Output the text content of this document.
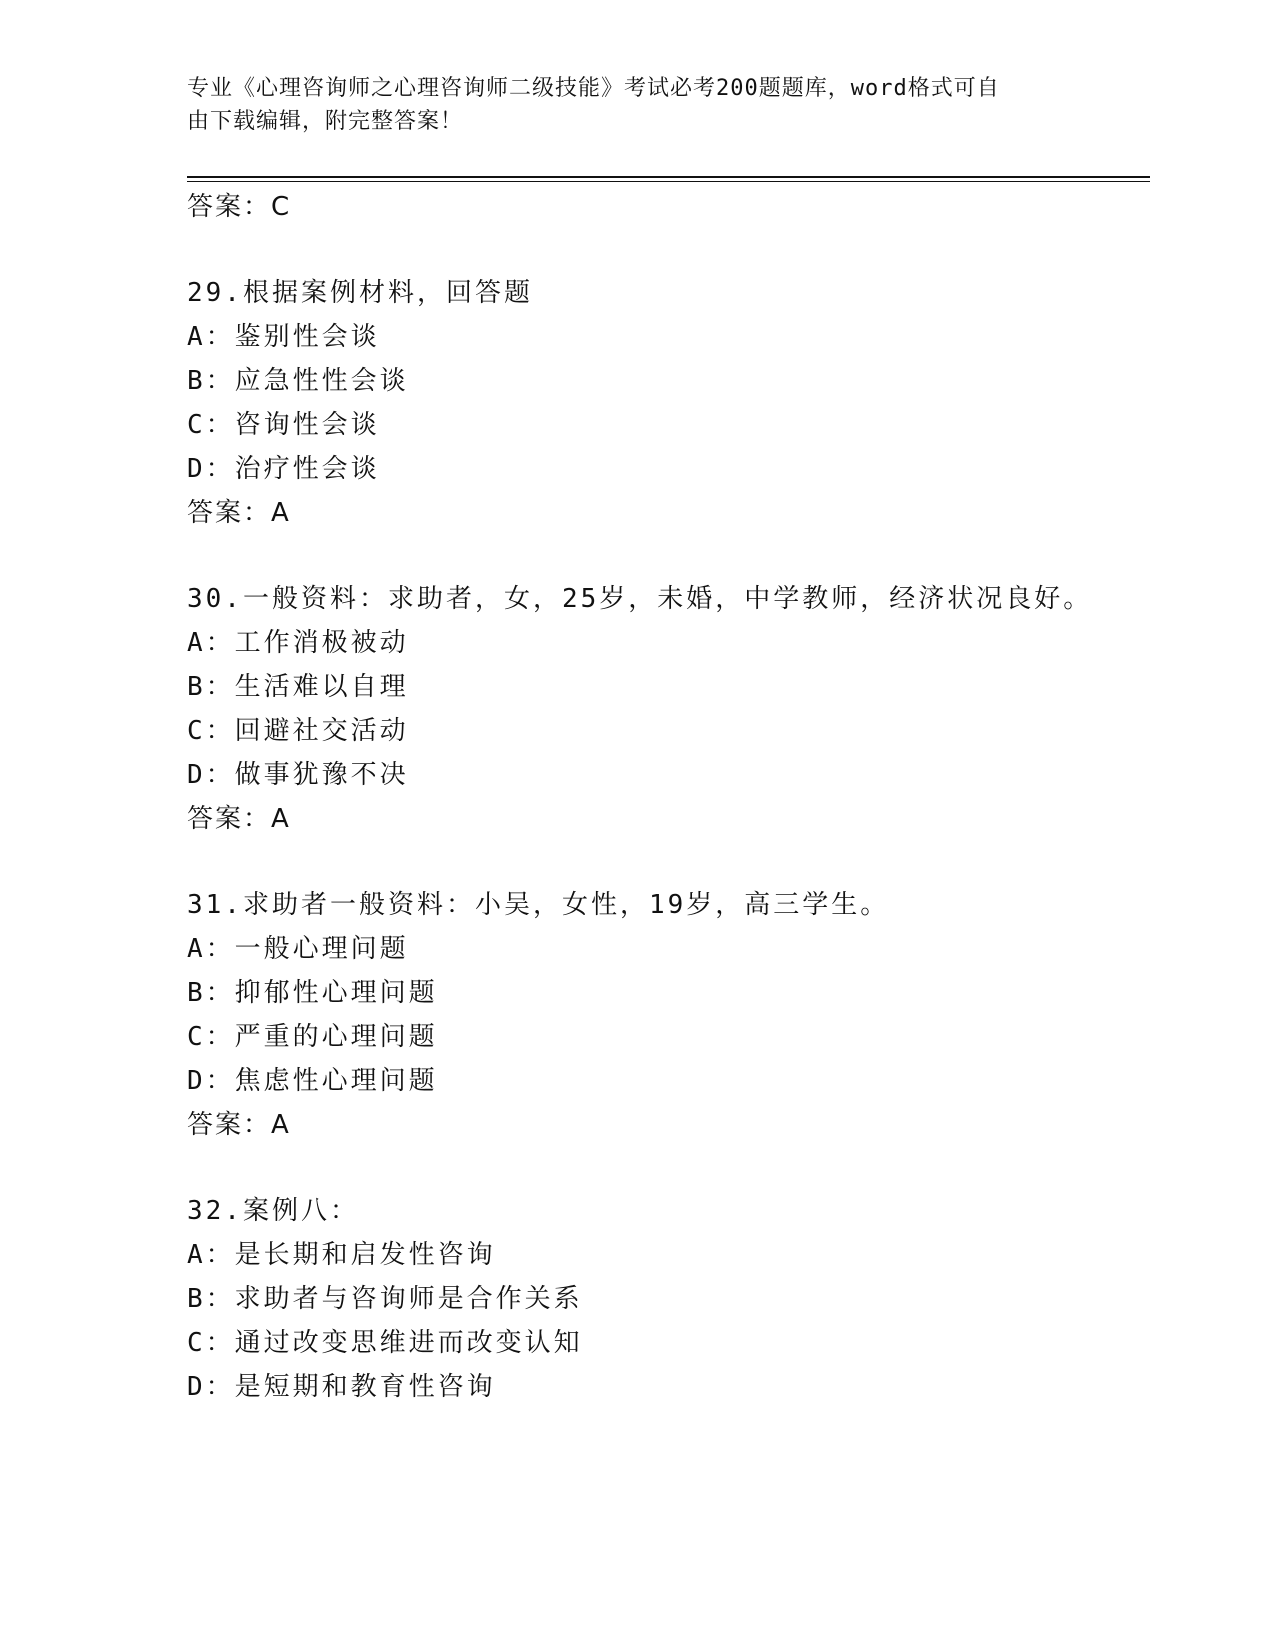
专业《心理咨询师之心理咨询师二级技能》考试必考200题题库，word格式可自
由下载编辑，附完整答案！
答案：C
29.根据案例材料，回答题
A：鉴别性会谈
B：应急性性会谈
C：咨询性会谈
D：治疗性会谈
答案：A
30.一般资料：求助者，女，25岁，未婚，中学教师，经济状况良好。
A：工作消极被动
B：生活难以自理
C：回避社交活动
D：做事犹豫不决
答案：A
31.求助者一般资料：小吴，女性，19岁，高三学生。
A：一般心理问题
B：抑郁性心理问题
C：严重的心理问题
D：焦虑性心理问题
答案：A
32.案例八：
A：是长期和启发性咨询
B：求助者与咨询师是合作关系
C：通过改变思维进而改变认知
D：是短期和教育性咨询
